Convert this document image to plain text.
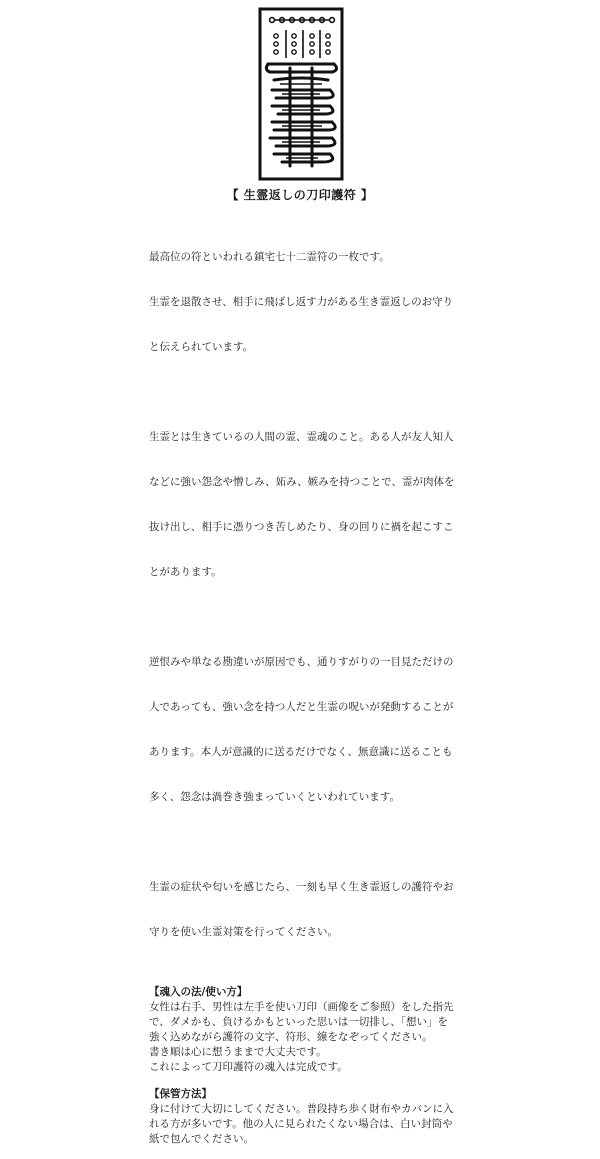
【 生霊返しの刀印護符 】

最高位の符といわれる鎮宅七十二霊符の一枚です。

生霊を退散させ、相手に飛ばし返す力がある生き霊返しのお守り

と伝えられています。

生霊とは生きているの人間の霊、霊魂のこと。ある人が友人知人

などに強い怨念や憎しみ、妬み、嫉みを持つことで、霊が肉体を

抜け出し、相手に憑りつき苦しめたり、身の回りに禍を起こすこ

とがあります。

逆恨みや単なる勘違いが原因でも、通りすがりの一目見ただけの

人であっても、強い念を持つ人だと生霊の呪いが発動することが

あります。本人が意識的に送るだけでなく、無意識に送ることも

多く、怨念は渦巻き強まっていくといわれています。

生霊の症状や匂いを感じたら、一刻も早く生き霊返しの護符やお

守りを使い生霊対策を行ってください。

【魂入の法/使い方】
女性は右手、男性は左手を使い刀印（画像をご参照）をした指先
で、ダメかも、負けるかもといった思いは一切排し、「想い」を
強く込めながら護符の文字、符形、線をなぞってください。
書き順は心に想うままで大丈夫です。
これによって刀印護符の魂入は完成です。
【保管方法】
身に付けて大切にしてください。普段持ち歩く財布やカバンに入
れる方が多いです。他の人に見られたくない場合は、白い封筒や
紙で包んでください。
